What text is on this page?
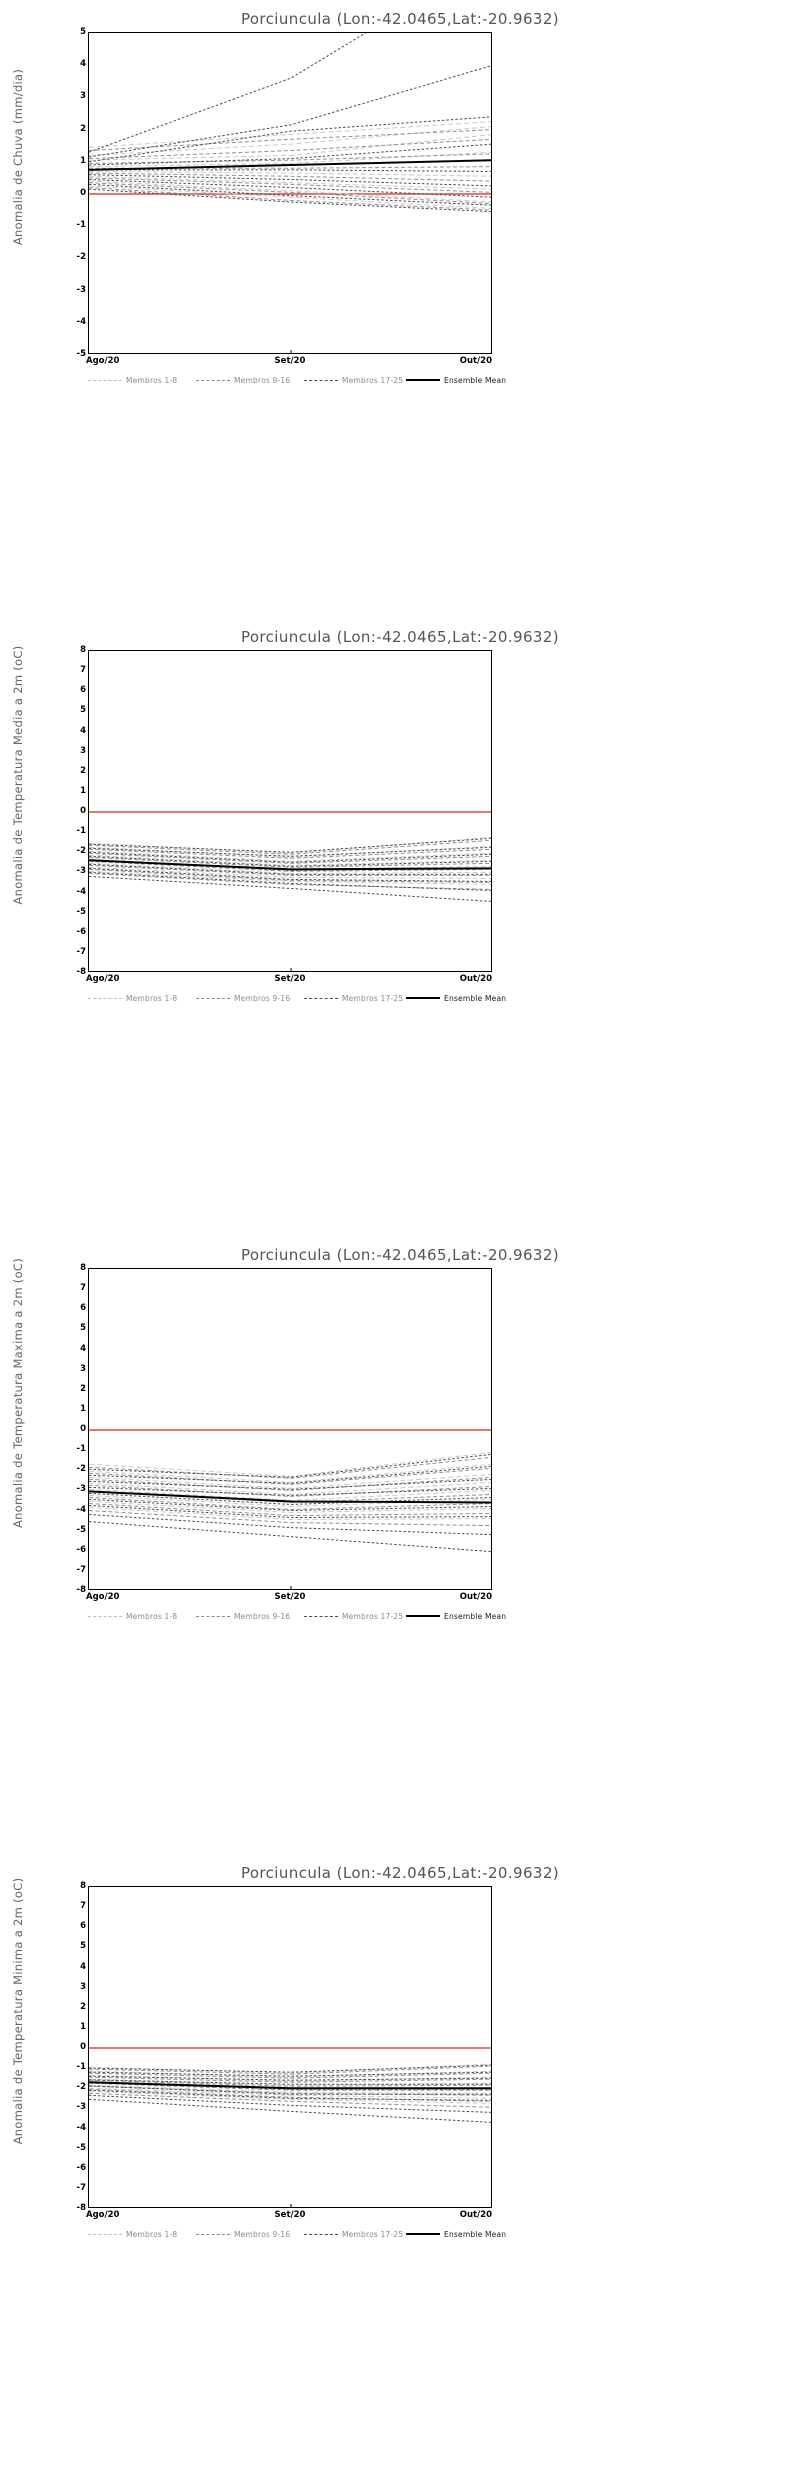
Porciuncula (Lon:-42.0465,Lat:-20.9632)
Anomalia de Chuva (mm/dia)
-5
-4
-3
-2
-1
0
1
2
3
4
5
Ago/20	Set/20	Out/20
Membros 1-8	Membros 9-16	Membros 17-25	Ensemble Mean
Porciuncula (Lon:-42.0465,Lat:-20.9632)
Anomalia de Temperatura Media a 2m (oC)
-8
-7
-6
-5
-4
-3
-2
-1
0
1
2
3
4
5
6
7
8
Ago/20	Set/20	Out/20
Membros 1-8	Membros 9-16	Membros 17-25	Ensemble Mean
Porciuncula (Lon:-42.0465,Lat:-20.9632)
Anomalia de Temperatura Maxima a 2m (oC)
-8
-7
-6
-5
-4
-3
-2
-1
0
1
2
3
4
5
6
7
8
Ago/20	Set/20	Out/20
Membros 1-8	Membros 9-16	Membros 17-25	Ensemble Mean
Porciuncula (Lon:-42.0465,Lat:-20.9632)
Anomalia de Temperatura Minima a 2m (oC)
-8
-7
-6
-5
-4
-3
-2
-1
0
1
2
3
4
5
6
7
8
Ago/20	Set/20	Out/20
Membros 1-8	Membros 9-16	Membros 17-25	Ensemble Mean
